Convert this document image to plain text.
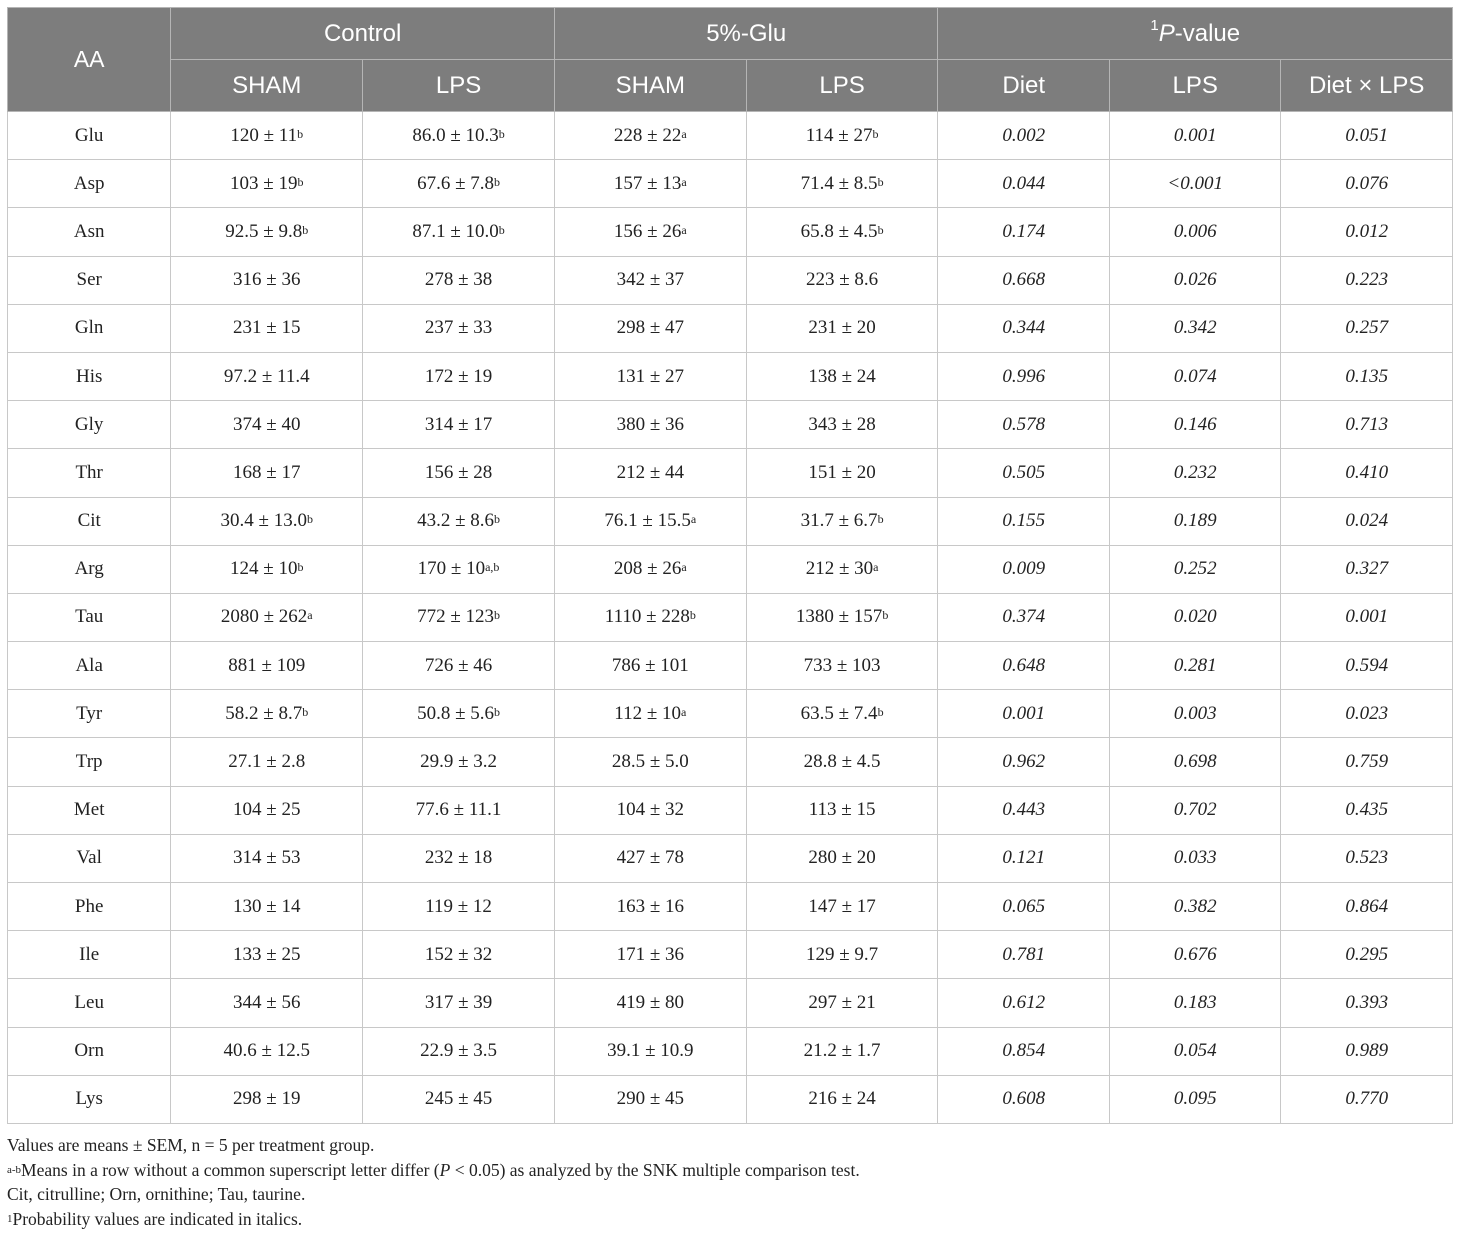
AA	Control		5%-Glu		$^1$P-value		
	SHAM	LPS	SHAM	LPS	Diet	LPS	Diet × LPS
Glu	$120 \pm 11^b$	86.0 ± 10.3$^b$	$228 \pm 22^a$	$114 \pm 27^b$	0.002	0.001	0.051
Asp	$103 \pm 19^b$	67.6 ± 7.8$^b$	$157 \pm 13^a$	71.4 ± 8.5$^b$	0.044	<0.001	0.076
Asn	92.5 ± 9.8$^b$	87.1 ± 10.0$^b$	$156 \pm 26^a$	65.8 ± 4.5$^b$	0.174	0.006	0.012
Ser	316 ± 36	278 ± 38	342 ± 37	223 ± 8.6	0.668	0.026	0.223
Gln	231 ± 15	237 ± 33	298 ± 47	231 ± 20	0.344	0.342	0.257
His	97.2 ± 11.4	172 ± 19	131 ± 27	138 ± 24	0.996	0.074	0.135
Gly	374 ± 40	314 ± 17	380 ± 36	343 ± 28	0.578	0.146	0.713
Thr	168 ± 17	156 ± 28	212 ± 44	151 ± 20	0.505	0.232	0.410
Cit	30.4 ± 13.0$^b$	43.2 ± 8.6$^b$	76.1 ± 15.5$^a$	31.7 ± 6.7$^b$	0.155	0.189	0.024
Arg	$124 \pm 10^b$	$170 \pm 10^{a,b}$	$208 \pm 26^a$	$212 \pm 30^a$	0.009	0.252	0.327
Tau	$2080 \pm 262^a$	$772 \pm 123^b$	$1110 \pm 228^b$	$1380 \pm 157^b$	0.374	0.020	0.001
Ala	881 ± 109	726 ± 46	786 ± 101	733 ± 103	0.648	0.281	0.594
Tyr	58.2 ± 8.7$^b$	50.8 ± 5.6$^b$	$112 \pm 10^a$	63.5 ± 7.4$^b$	0.001	0.003	0.023
Trp	27.1 ± 2.8	29.9 ± 3.2	28.5 ± 5.0	28.8 ± 4.5	0.962	0.698	0.759
Met	104 ± 25	77.6 ± 11.1	104 ± 32	113 ± 15	0.443	0.702	0.435
Val	314 ± 53	232 ± 18	427 ± 78	280 ± 20	0.121	0.033	0.523
Phe	130 ± 14	119 ± 12	163 ± 16	147 ± 17	0.065	0.382	0.864
Ile	133 ± 25	152 ± 32	171 ± 36	129 ± 9.7	0.781	0.676	0.295
Leu	344 ± 56	317 ± 39	419 ± 80	297 ± 21	0.612	0.183	0.393
Orn	40.6 ± 12.5	22.9 ± 3.5	39.1 ± 10.9	21.2 ± 1.7	0.854	0.054	0.989
Lys	298 ± 19	245 ± 45	290 ± 45	216 ± 24	0.608	0.095	0.770

Values are means ± SEM, n = 5 per treatment group.

$^{a-b}$Means in a row without a common superscript letter differ (P < 0.05) as analyzed by the SNK multiple comparison test.

Cit, citrulline; Orn, ornithine; Tau, taurine.

$^1$Probability values are indicated in italics.
